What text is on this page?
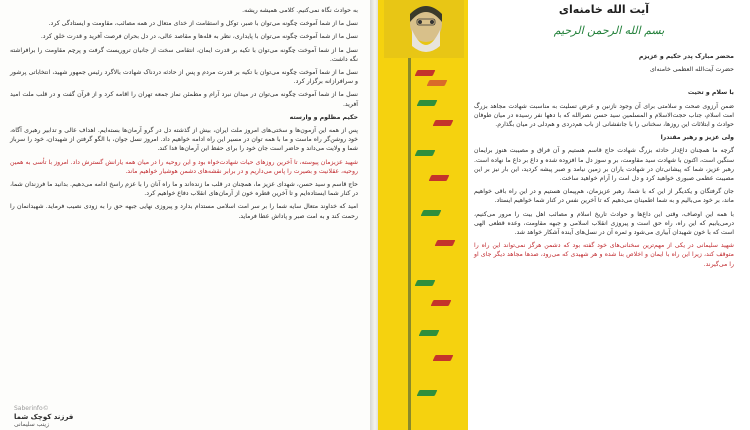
به حوادث نگاه نمی‌کنیم. کلامی همیشه ریشه.

نسل ما از شما آموخت چگونه می‌توان با صبر، توکل و استقامت از خدای متعال در همه مصائب، مقاومت و ایستادگی کرد.

نسل ما از شما آموخت چگونه می‌توان با پایداری، نظر به قله‌ها و مقاصد عالی، در دل بحران فرصت آفرید و قدرت خلق کرد.

نسل ما از شما آموخت چگونه می‌توان با تکیه بر قدرت ایمان، انتقامی سخت از جانیان تروریست گرفت و پرچم مقاومت را برافراشته نگه داشت.

نسل ما از شما آموخت چگونه می‌توان با تکیه بر قدرت مردم و پس از حادثه دردناک شهادت بالاگرد رئیس جمهور شهید، انتخاباتی پرشور و سرافرازانه برگزار کرد.

نسل ما از شما آموخت چگونه می‌توان در میدان نبرد آرام و مطمئن نماز جمعه تهران را اقامه کرد و از قرآن گفت و در قلب ملت امید آفرید.

حکیم مظلوم و وارسته

پس از همه این آزمون‌ها و سختی‌های امروز ملت ایران، بیش از گذشته دل در گرو آرمان‌ها بسته‌ایم. اهداف عالی و تدابیر رهبری آگاه، خود روشن‌گر راه ماست و ما با همه توان در مسیر این راه ادامه خواهیم داد. امروز نسل جوان، با الگو گرفتن از شهیدان، خود را سرباز شما و ولایت می‌داند و حاضر است جان خود را برای حفظ این آرمان‌ها فدا کند.

شهید عزیزمان پیوسته، تا آخرین روزهای حیات شهادت‌خواه بود و این روحیه را در میان همه یارانش گسترش داد. امروز با تأسی به همین روحیه، عقلانیت و بصیرت را پاس می‌داریم و در برابر نقشه‌های دشمن هوشیار خواهیم ماند.

حاج قاسم و سید حسن، شهدای عزیز ما، همچنان در قلب ما زنده‌اند و ما راه آنان را با عزم راسخ ادامه می‌دهیم. بدانید ما فرزندان شما، در کنار شما ایستاده‌ایم و تا آخرین قطره خون از آرمان‌های انقلاب دفاع خواهیم کرد.

امید که خداوند متعال سایه شما را بر سر امت اسلامی مستدام بدارد و پیروزی نهایی جبهه حق را به زودی نصیب فرماید. شهیدانمان را رحمت کند و به امت صبر و پاداش عطا فرماید.

©Saberinfo
فرزند کوچک شما
زینب سلیمانی
آیت الله خامنه‌ای
بسم الله الرحمن الرحیم

محضر مبارک پدر حکیم و عزیزم

حضرت آیت‌الله العظمی خامنه‌ای

با سلام و تحیت

ضمن آرزوی صحت و سلامتی برای آن وجود نازنین و عرض تسلیت به مناسبت شهادت مجاهد بزرگ امت اسلام، جناب حجت‌الاسلام و المسلمین سید حسن نصرالله که با دهها نفر رسیده در میان طوفان حوادث و ابتلائات این روزها، سخنانی را با جانفشانی از باب هم‌دردی و هم‌دلی در میان بگذارم.

ولی عزیز و رهبر مقتدرا

گرچه ما همچنان داغ‌دار حادثه بزرگ شهادت حاج قاسم هستیم و آن فراق و مصیبت هنوز برایمان سنگین است، اکنون با شهادت سید مقاومت، بر و سوز دل ما افزوده شده و داغ بر داغ ما نهاده است. رهبر عزیز، شما که پیشانی‌تان در شهادت یاران بر زمین نیامد و صبر پیشه کردید، این بار نیز بر این مصیبت عظمی صبوری خواهید کرد و دل امت را آرام خواهید ساخت.

جان گرفتگان و یکدیگر از این که با شما، رهبر عزیزمان، هم‌پیمان هستیم و در این راه باقی خواهیم ماند، بر خود می‌بالیم و به شما اطمینان می‌دهیم که تا آخرین نفس در کنار شما خواهیم ایستاد.

با همه این اوصاف، وقتی این داغ‌ها و حوادث تاریخ اسلام و مصائب اهل بیت را مرور می‌کنیم، درمی‌یابیم که این راه، راه حق است و پیروزی انقلاب اسلامی و جبهه مقاومت، وعده قطعی الهی است که با خون شهیدان آبیاری می‌شود و ثمره آن در نسل‌های آینده آشکار خواهد شد.

شهید سلیمانی در یکی از مهم‌ترین سخنانی‌های خود گفته بود که دشمن هرگز نمی‌تواند این راه را متوقف کند، زیرا این راه با ایمان و اخلاص بنا شده و هر شهیدی که می‌رود، صدها مجاهد دیگر جای او را می‌گیرند.
